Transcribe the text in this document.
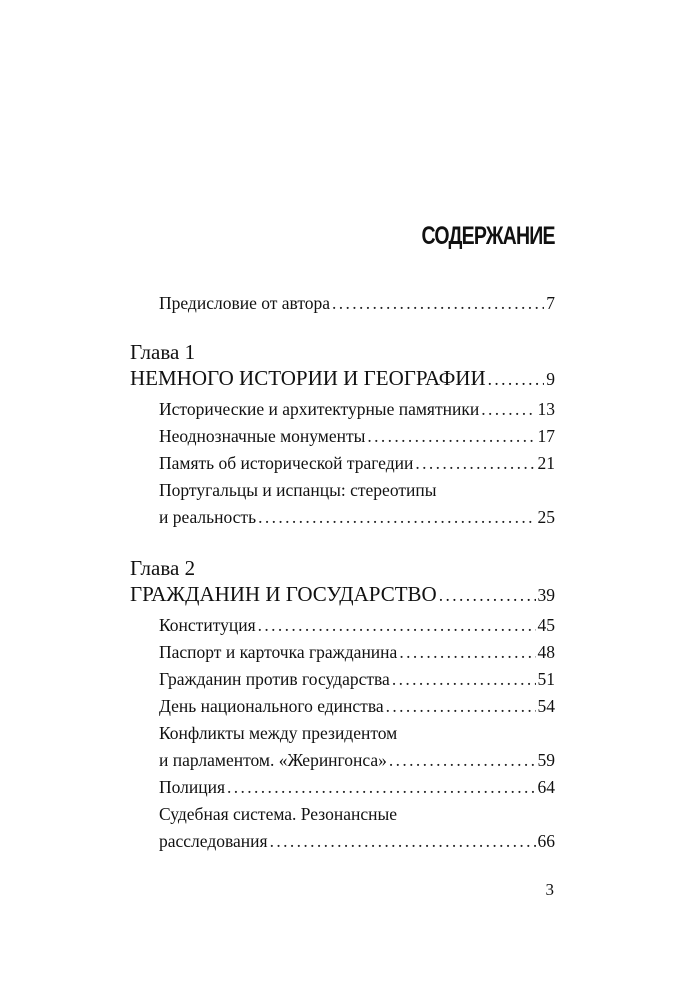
СОДЕРЖАНИЕ
Предисловие от автора . . .	7
Глава 1
НЕМНОГО ИСТОРИИ И ГЕОГРАФИИ . . .	9
Исторические и архитектурные памятники . . .	13
Неоднозначные монументы . . .	17
Память об исторической трагедии . . .	21
Португальцы и испанцы: стереотипы
и реальность . . .	25
Глава 2
ГРАЖДАНИН И ГОСУДАРСТВО . . .	39
Конституция . . .	45
Паспорт и карточка гражданина . . .	48
Гражданин против государства . . .	51
День национального единства . . .	54
Конфликты между президентом
и парламентом. «Жерингонса» . . .	59
Полиция . . .	64
Судебная система. Резонансные
расследования . . .	66
3
